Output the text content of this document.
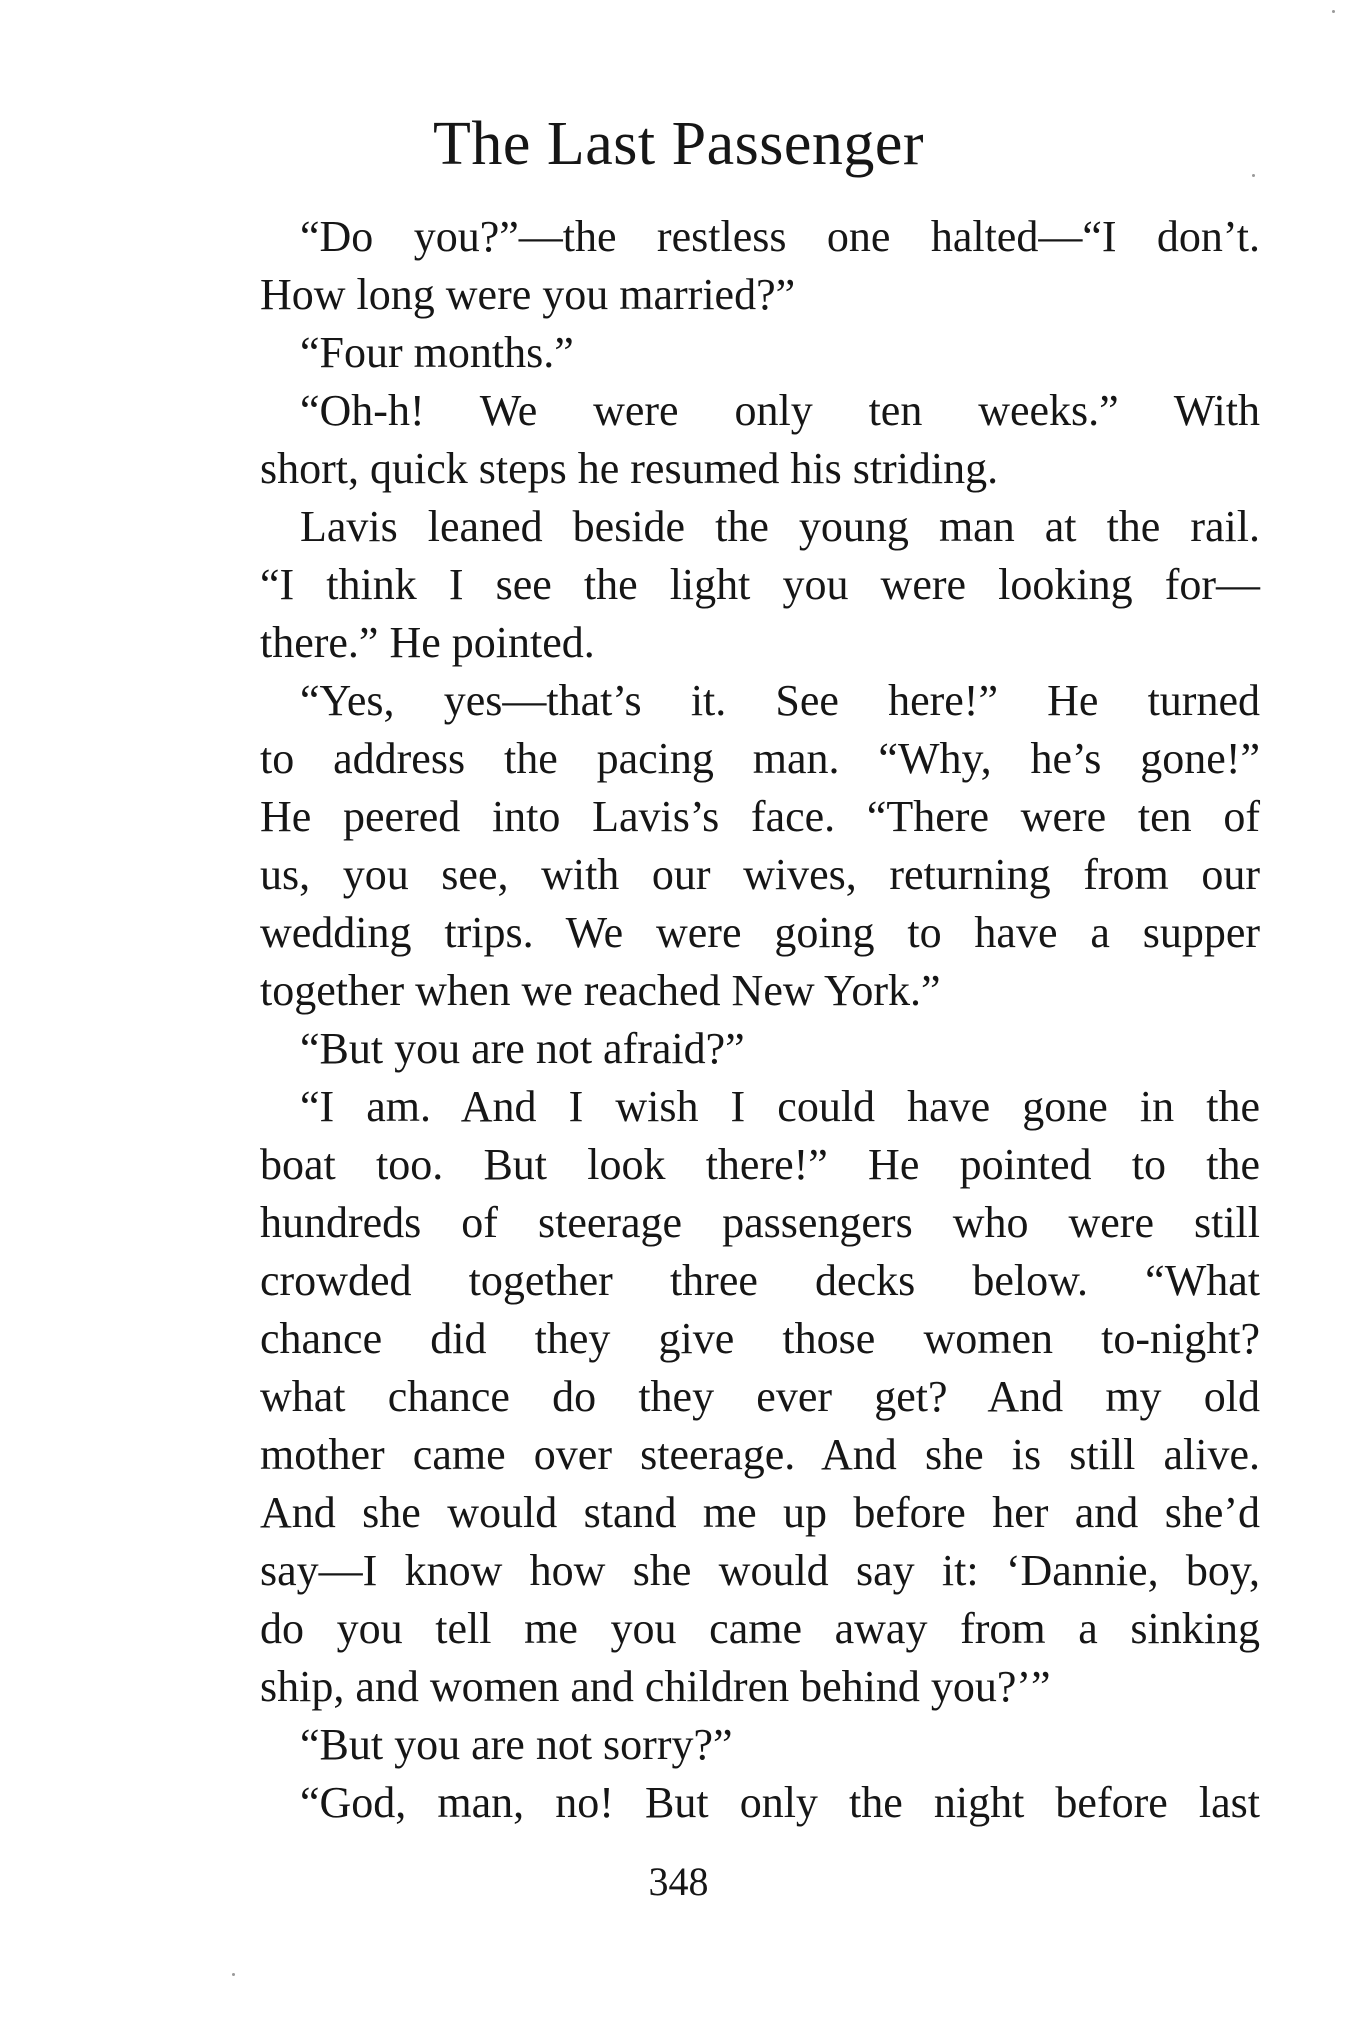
The Last Passenger
“Do you?”—the restless one halted—“I don’t.
How long were you married?”
“Four months.”
“Oh-h! We were only ten weeks.” With
short, quick steps he resumed his striding.
Lavis leaned beside the young man at the rail.
“I think I see the light you were looking for—
there.” He pointed.
“Yes, yes—that’s it. See here!” He turned
to address the pacing man. “Why, he’s gone!”
He peered into Lavis’s face. “There were ten of
us, you see, with our wives, returning from our
wedding trips. We were going to have a supper
together when we reached New York.”
“But you are not afraid?”
“I am. And I wish I could have gone in the
boat too. But look there!” He pointed to the
hundreds of steerage passengers who were still
crowded together three decks below. “What
chance did they give those women to-night?
what chance do they ever get? And my old
mother came over steerage. And she is still alive.
And she would stand me up before her and she’d
say—I know how she would say it: ‘Dannie, boy,
do you tell me you came away from a sinking
ship, and women and children behind you?’”
“But you are not sorry?”
“God, man, no! But only the night before last
348
